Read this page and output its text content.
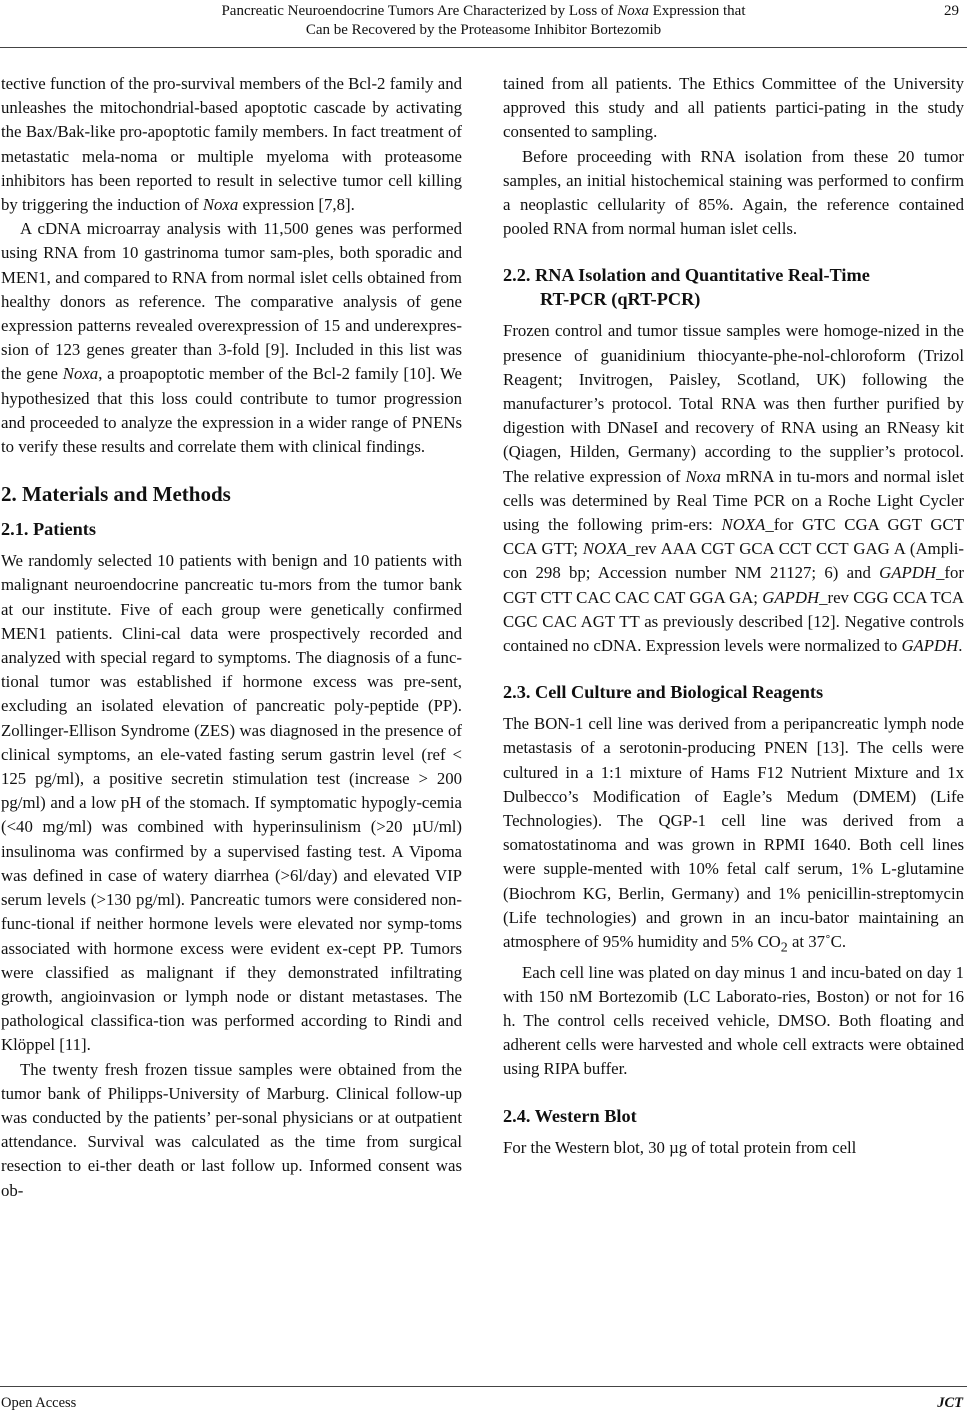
Pancreatic Neuroendocrine Tumors Are Characterized by Loss of Noxa Expression that
Can be Recovered by the Proteasome Inhibitor Bortezomib
29

tective function of the pro-survival members of the Bcl-2 family and unleashes the mitochondrial-based apoptotic cascade by activating the Bax/Bak-like pro-apoptotic family members. In fact treatment of metastatic mela-noma or multiple myeloma with proteasome inhibitors has been reported to result in selective tumor cell killing by triggering the induction of Noxa expression [7,8].

A cDNA microarray analysis with 11,500 genes was performed using RNA from 10 gastrinoma tumor sam-ples, both sporadic and MEN1, and compared to RNA from normal islet cells obtained from healthy donors as reference. The comparative analysis of gene expression patterns revealed overexpression of 15 and underexpres-sion of 123 genes greater than 3-fold [9]. Included in this list was the gene Noxa, a proapoptotic member of the Bcl-2 family [10]. We hypothesized that this loss could contribute to tumor progression and proceeded to analyze the expression in a wider range of PNENs to verify these results and correlate them with clinical findings.

2. Materials and Methods
2.1. Patients

We randomly selected 10 patients with benign and 10 patients with malignant neuroendocrine pancreatic tu-mors from the tumor bank at our institute. Five of each group were genetically confirmed MEN1 patients. Clini-cal data were prospectively recorded and analyzed with special regard to symptoms. The diagnosis of a func-tional tumor was established if hormone excess was pre-sent, excluding an isolated elevation of pancreatic poly-peptide (PP). Zollinger-Ellison Syndrome (ZES) was diagnosed in the presence of clinical symptoms, an ele-vated fasting serum gastrin level (ref < 125 pg/ml), a positive secretin stimulation test (increase > 200 pg/ml) and a low pH of the stomach. If symptomatic hypogly-cemia (<40 mg/ml) was combined with hyperinsulinism (>20 µU/ml) insulinoma was confirmed by a supervised fasting test. A Vipoma was defined in case of watery diarrhea (>6l/day) and elevated VIP serum levels (>130 pg/ml). Pancreatic tumors were considered non-func-tional if neither hormone levels were elevated nor symp-toms associated with hormone excess were evident ex-cept PP. Tumors were classified as malignant if they demonstrated infiltrating growth, angioinvasion or lymph node or distant metastases. The pathological classifica-tion was performed according to Rindi and Klöppel [11].

The twenty fresh frozen tissue samples were obtained from the tumor bank of Philipps-University of Marburg. Clinical follow-up was conducted by the patients’ per-sonal physicians or at outpatient attendance. Survival was calculated as the time from surgical resection to ei-ther death or last follow up. Informed consent was ob-

tained from all patients. The Ethics Committee of the University approved this study and all patients partici-pating in the study consented to sampling.

Before proceeding with RNA isolation from these 20 tumor samples, an initial histochemical staining was performed to confirm a neoplastic cellularity of 85%. Again, the reference contained pooled RNA from normal human islet cells.

2.2. RNA Isolation and Quantitative Real-Time
RT-PCR (qRT-PCR)

Frozen control and tumor tissue samples were homoge-nized in the presence of guanidinium thiocyante-phe-nol-chloroform (Trizol Reagent; Invitrogen, Paisley, Scotland, UK) following the manufacturer’s protocol. Total RNA was then further purified by digestion with DNaseI and recovery of RNA using an RNeasy kit (Qiagen, Hilden, Germany) according to the supplier’s protocol. The relative expression of Noxa mRNA in tu-mors and normal islet cells was determined by Real Time PCR on a Roche Light Cycler using the following prim-ers: NOXA_for GTC CGA GGT GCT CCA GTT; NOXA_rev AAA CGT GCA CCT CCT GAG A (Ampli-con 298 bp; Accession number NM 21127; 6) and GAPDH_for CGT CTT CAC CAC CAT GGA GA; GAPDH_rev CGG CCA TCA CGC CAC AGT TT as previously described [12]. Negative controls contained no cDNA. Expression levels were normalized to GAPDH.

2.3. Cell Culture and Biological Reagents

The BON-1 cell line was derived from a peripancreatic lymph node metastasis of a serotonin-producing PNEN [13]. The cells were cultured in a 1:1 mixture of Hams F12 Nutrient Mixture and 1x Dulbecco’s Modification of Eagle’s Medum (DMEM) (Life Technologies). The QGP-1 cell line was derived from a somatostatinoma and was grown in RPMI 1640. Both cell lines were supple-mented with 10% fetal calf serum, 1% L-glutamine (Biochrom KG, Berlin, Germany) and 1% penicillin-streptomycin (Life technologies) and grown in an incu-bator maintaining an atmosphere of 95% humidity and 5% $CO_2$ at 37˚C.

Each cell line was plated on day minus 1 and incu-bated on day 1 with 150 nM Bortezomib (LC Laborato-ries, Boston) or not for 16 h. The control cells received vehicle, DMSO. Both floating and adherent cells were harvested and whole cell extracts were obtained using RIPA buffer.

2.4. Western Blot

For the Western blot, 30 µg of total protein from cell

Open Access	JCT
